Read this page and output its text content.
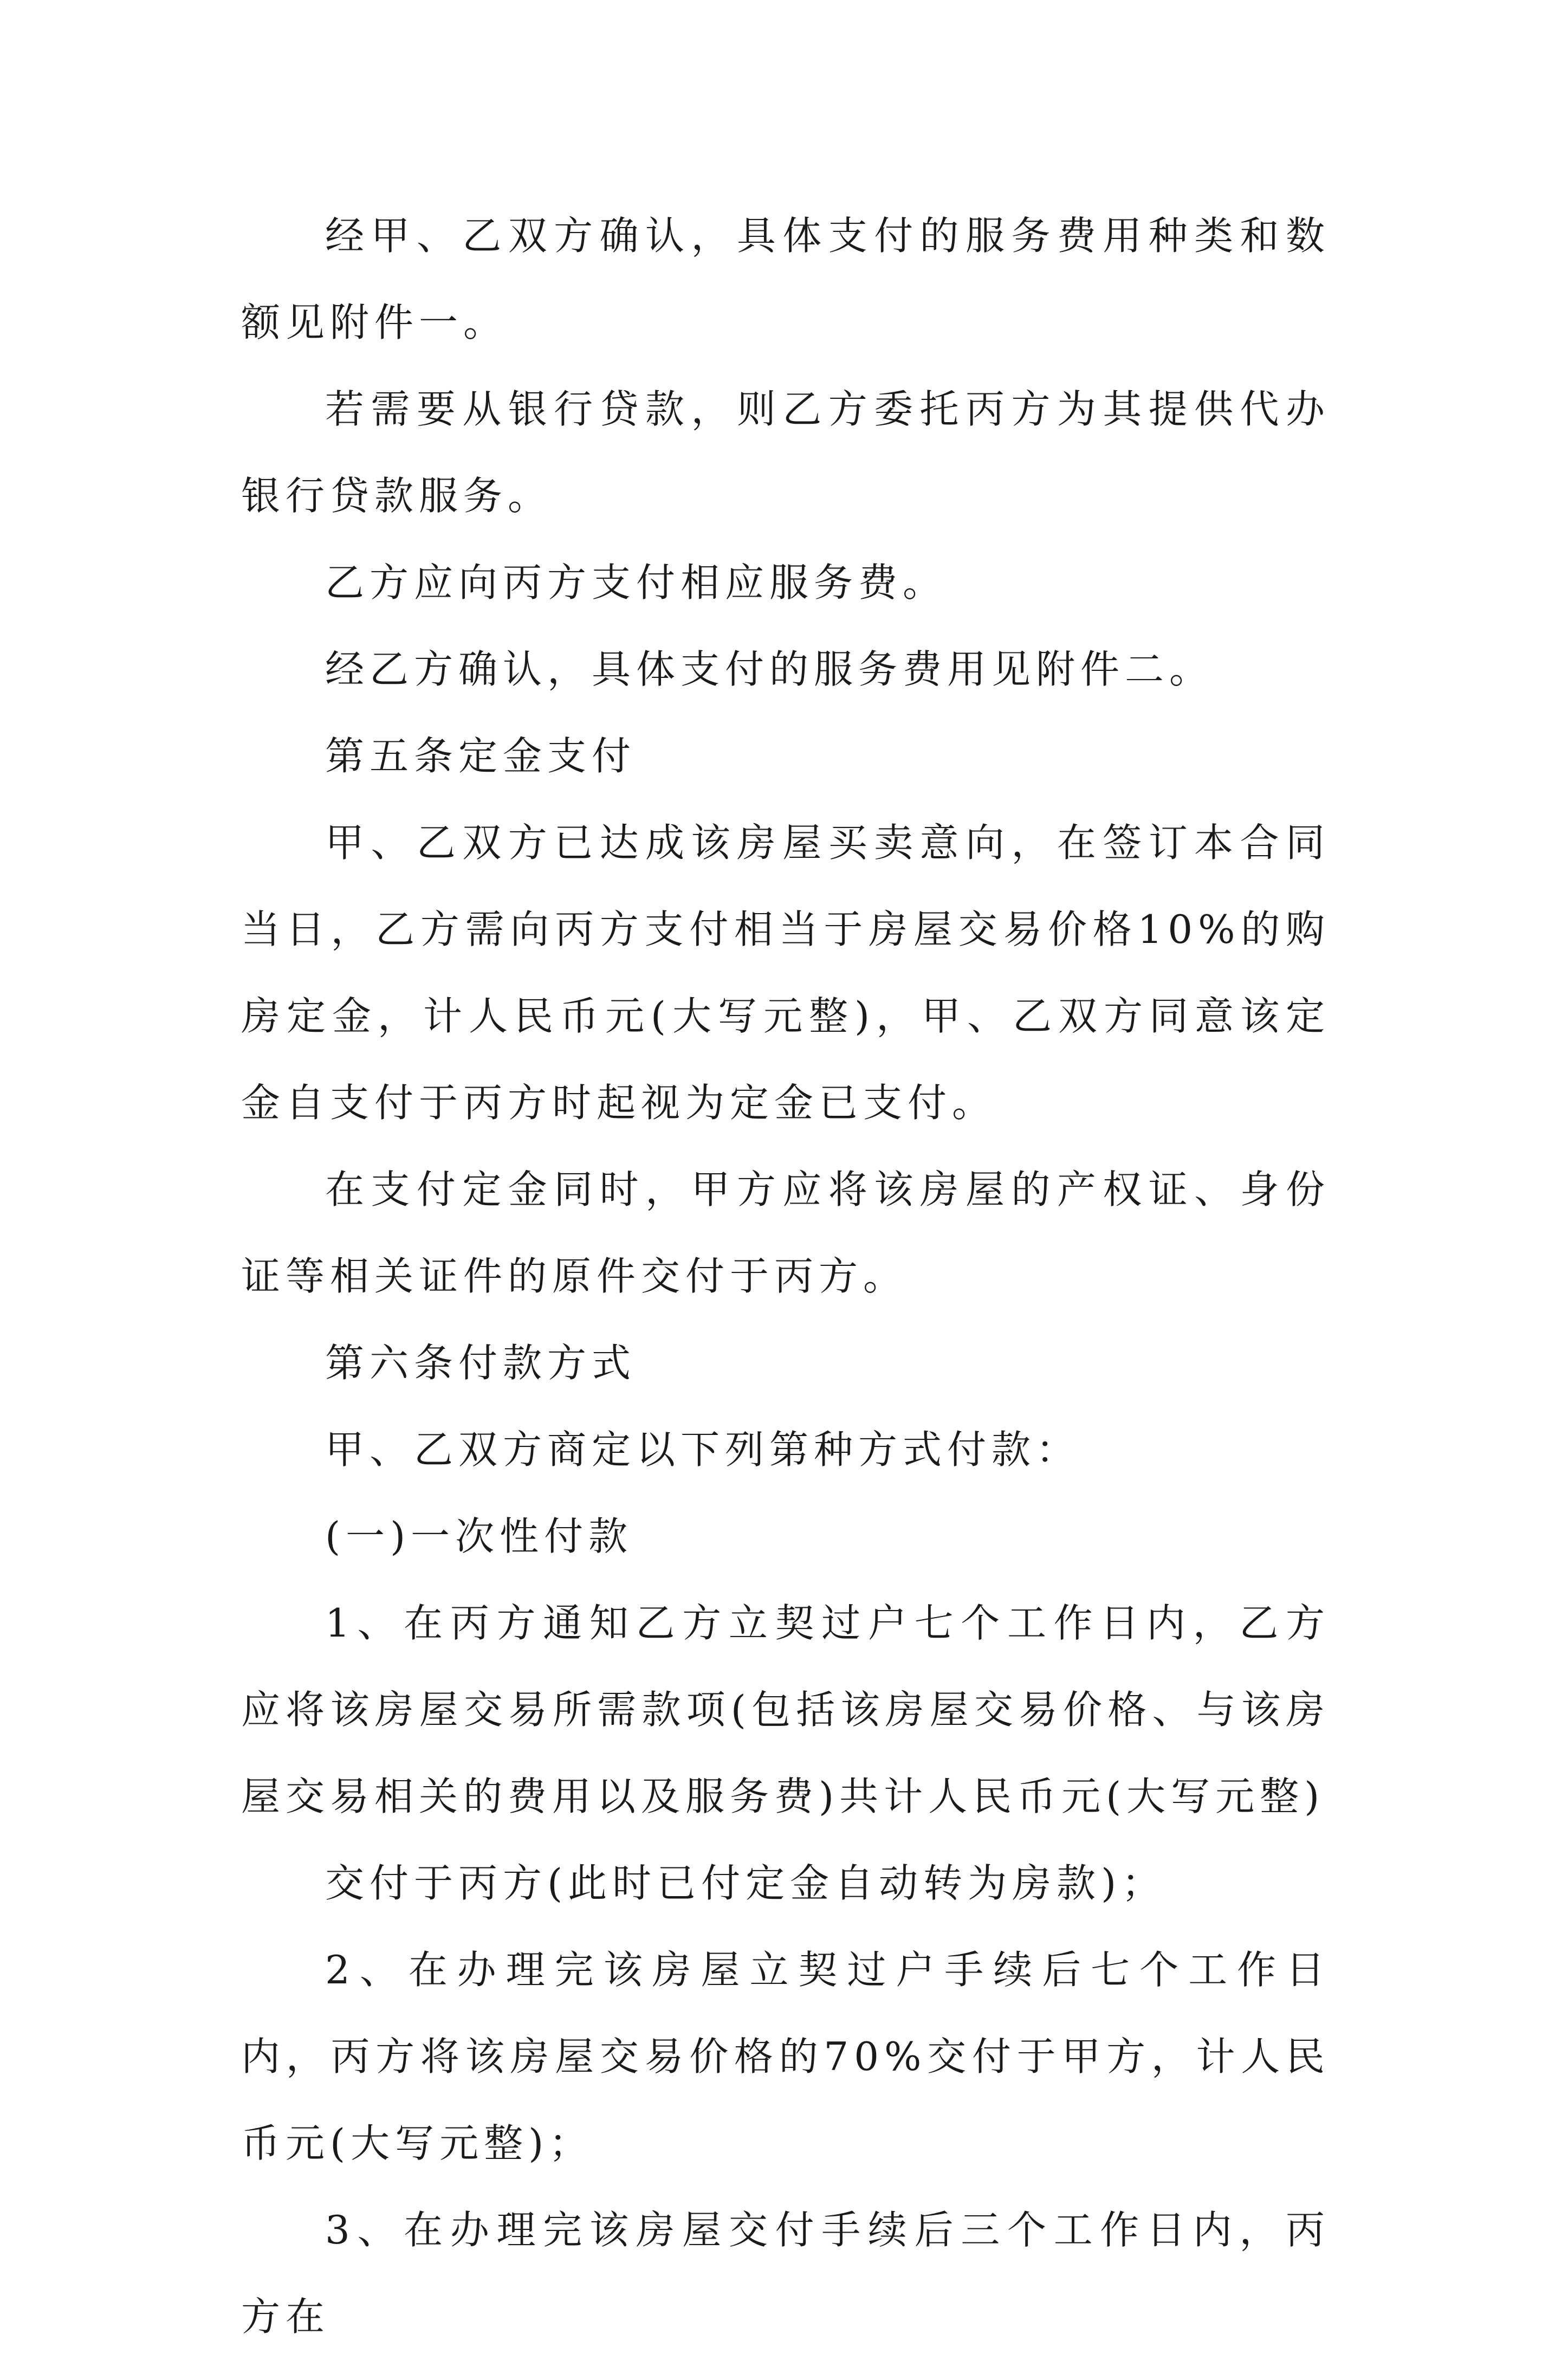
经甲、乙双方确认，具体支付的服务费用种类和数额见附件一。

若需要从银行贷款，则乙方委托丙方为其提供代办银行贷款服务。

乙方应向丙方支付相应服务费。

经乙方确认，具体支付的服务费用见附件二。

第五条定金支付

甲、乙双方已达成该房屋买卖意向，在签订本合同当日，乙方需向丙方支付相当于房屋交易价格10%的购房定金，计人民币元(大写元整)，甲、乙双方同意该定金自支付于丙方时起视为定金已支付。

在支付定金同时，甲方应将该房屋的产权证、身份证等相关证件的原件交付于丙方。

第六条付款方式

甲、乙双方商定以下列第种方式付款：

(一)一次性付款

1、在丙方通知乙方立契过户七个工作日内，乙方应将该房屋交易所需款项(包括该房屋交易价格、与该房屋交易相关的费用以及服务费)共计人民币元(大写元整)

交付于丙方(此时已付定金自动转为房款)；

2、在办理完该房屋立契过户手续后七个工作日内，丙方将该房屋交易价格的70%交付于甲方，计人民币元(大写元整)；

3、在办理完该房屋交付手续后三个工作日内，丙方在
